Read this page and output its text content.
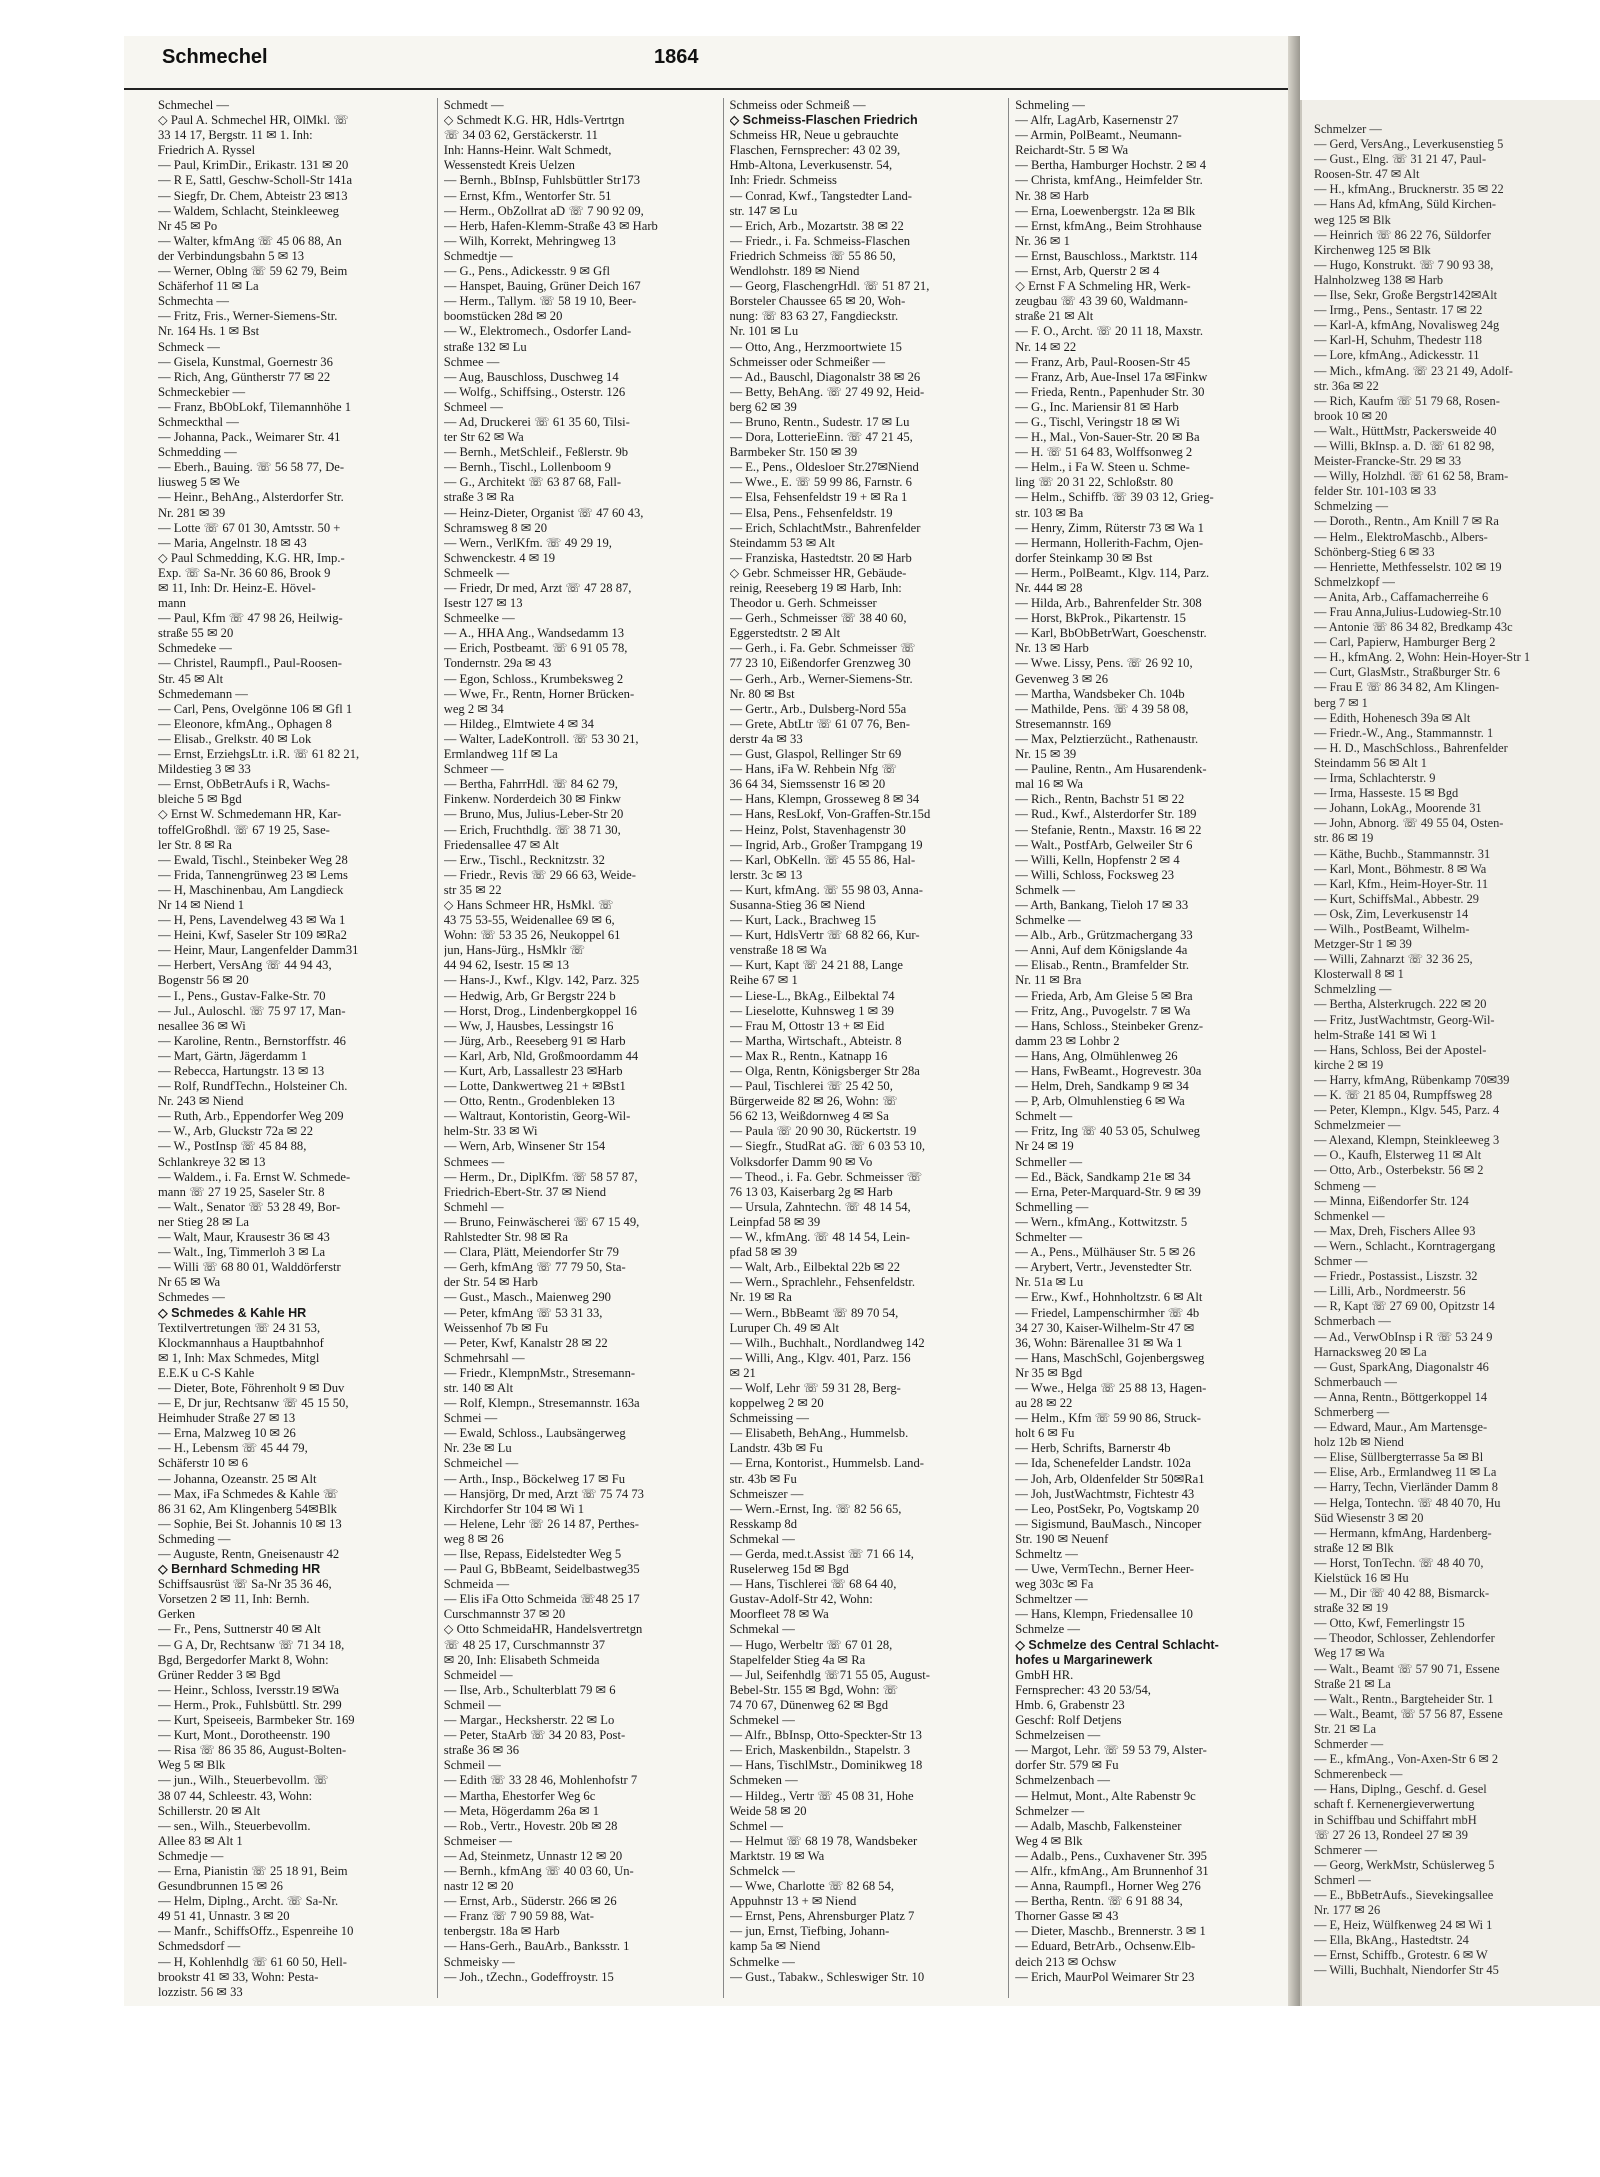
Schmechel	1864
Schmechel —
◇ Paul A. Schmechel HR, OlMkl. ☏
33 14 17, Bergstr. 11 ✉ 1. Inh:
Friedrich A. Ryssel
— Paul, KrimDir., Erikastr. 131 ✉ 20
— R E, Sattl, Geschw-Scholl-Str 141a
— Siegfr, Dr. Chem, Abteistr 23 ✉13
— Waldem, Schlacht, Steinkleeweg
Nr 45 ✉ Po
— Walter, kfmAng ☏ 45 06 88, An
der Verbindungsbahn 5 ✉ 13
— Werner, Oblng ☏ 59 62 79, Beim
Schäferhof 11 ✉ La
Schmechta —
— Fritz, Fris., Werner-Siemens-Str.
Nr. 164 Hs. 1 ✉ Bst
Schmeck —
— Gisela, Kunstmal, Goernestr 36
— Rich, Ang, Güntherstr 77 ✉ 22
Schmeckebier —
— Franz, BbObLokf, Tilemannhöhe 1
Schmeckthal —
— Johanna, Pack., Weimarer Str. 41
Schmedding —
— Eberh., Bauing. ☏ 56 58 77, De-
liusweg 5 ✉ We
— Heinr., BehAng., Alsterdorfer Str.
Nr. 281 ✉ 39
— Lotte ☏ 67 01 30, Amtsstr. 50 +
— Maria, Angelnstr. 18 ✉ 43
◇ Paul Schmedding, K.G. HR, Imp.-
Exp. ☏ Sa-Nr. 36 60 86, Brook 9
✉ 11, Inh: Dr. Heinz-E. Hövel-
mann
— Paul, Kfm ☏ 47 98 26, Heilwig-
straße 55 ✉ 20
Schmedeke —
— Christel, Raumpfl., Paul-Roosen-
Str. 45 ✉ Alt
Schmedemann —
— Carl, Pens, Ovelgönne 106 ✉ Gfl 1
— Eleonore, kfmAng., Ophagen 8
— Elisab., Grelkstr. 40 ✉ Lok
— Ernst, ErziehgsLtr. i.R. ☏ 61 82 21,
Mildestieg 3 ✉ 33
— Ernst, ObBetrAufs i R, Wachs-
bleiche 5 ✉ Bgd
◇ Ernst W. Schmedemann HR, Kar-
toffelGroßhdl. ☏ 67 19 25, Sase-
ler Str. 8 ✉ Ra
— Ewald, Tischl., Steinbeker Weg 28
— Frida, Tannengrünweg 23 ✉ Lems
— H, Maschinenbau, Am Langdieck
Nr 14 ✉ Niend 1
— H, Pens, Lavendelweg 43 ✉ Wa 1
— Heini, Kwf, Saseler Str 109 ✉Ra2
— Heinr, Maur, Langenfelder Damm31
— Herbert, VersAng ☏ 44 94 43,
Bogenstr 56 ✉ 20
— I., Pens., Gustav-Falke-Str. 70
— Jul., Auloschl. ☏ 75 97 17, Man-
nesallee 36 ✉ Wi
— Karoline, Rentn., Bernstorffstr. 46
— Mart, Gärtn, Jägerdamm 1
— Rebecca, Hartungstr. 13 ✉ 13
— Rolf, RundfTechn., Holsteiner Ch.
Nr. 243 ✉ Niend
— Ruth, Arb., Eppendorfer Weg 209
— W., Arb, Gluckstr 72a ✉ 22
— W., PostInsp ☏ 45 84 88,
Schlankreye 32 ✉ 13
— Waldem., i. Fa. Ernst W. Schmede-
mann ☏ 27 19 25, Saseler Str. 8
— Walt., Senator ☏ 53 28 49, Bor-
ner Stieg 28 ✉ La
— Walt, Maur, Krausestr 36 ✉ 43
— Walt., Ing, Timmerloh 3 ✉ La
— Willi ☏ 68 80 01, Walddörferstr
Nr 65 ✉ Wa
Schmedes —
◇ Schmedes & Kahle HR
Textilvertretungen ☏ 24 31 53,
Klockmannhaus a Hauptbahnhof
✉ 1, Inh: Max Schmedes, Mitgl
E.E.K u C-S Kahle
— Dieter, Bote, Föhrenholt 9 ✉ Duv
— E, Dr jur, Rechtsanw ☏ 45 15 50,
Heimhuder Straße 27 ✉ 13
— Erna, Malzweg 10 ✉ 26
— H., Lebensm ☏ 45 44 79,
Schäferstr 10 ✉ 6
— Johanna, Ozeanstr. 25 ✉ Alt
— Max, iFa Schmedes & Kahle ☏
86 31 62, Am Klingenberg 54✉Blk
— Sophie, Bei St. Johannis 10 ✉ 13
Schmeding —
— Auguste, Rentn, Gneisenaustr 42
◇ Bernhard Schmeding HR
Schiffsausrüst ☏ Sa-Nr 35 36 46,
Vorsetzen 2 ✉ 11, Inh: Bernh.
Gerken
— Fr., Pens, Suttnerstr 40 ✉ Alt
— G A, Dr, Rechtsanw ☏ 71 34 18,
Bgd, Bergedorfer Markt 8, Wohn:
Grüner Redder 3 ✉ Bgd
— Heinr., Schloss, Iversstr.19 ✉Wa
— Herm., Prok., Fuhlsbüttl. Str. 299
— Kurt, Speiseeis, Barmbeker Str. 169
— Kurt, Mont., Dorotheenstr. 190
— Risa ☏ 86 35 86, August-Bolten-
Weg 5 ✉ Blk
— jun., Wilh., Steuerbevollm. ☏
38 07 44, Schleestr. 43, Wohn:
Schillerstr. 20 ✉ Alt
— sen., Wilh., Steuerbevollm.
Allee 83 ✉ Alt 1
Schmedje —
— Erna, Pianistin ☏ 25 18 91, Beim
Gesundbrunnen 15 ✉ 26
— Helm, Diplng., Archt. ☏ Sa-Nr.
49 51 41, Unnastr. 3 ✉ 20
— Manfr., SchiffsOffz., Espenreihe 10
Schmedsdorf —
— H, Kohlenhdlg ☏ 61 60 50, Hell-
brookstr 41 ✉ 33, Wohn: Pesta-
lozzistr. 56 ✉ 33
Schmedt —
◇ Schmedt K.G. HR, Hdls-Vertrtgn
☏ 34 03 62, Gerstäckerstr. 11
Inh: Hanns-Heinr. Walt Schmedt,
Wessenstedt Kreis Uelzen
— Bernh., BbInsp, Fuhlsbüttler Str173
— Ernst, Kfm., Wentorfer Str. 51
— Herm., ObZollrat aD ☏ 7 90 92 09,
— Herb, Hafen-Klemm-Straße 43 ✉ Harb
— Wilh, Korrekt, Mehringweg 13
Schmedtje —
— G., Pens., Adickesstr. 9 ✉ Gfl
— Hanspet, Bauing, Grüner Deich 167
— Herm., Tallym. ☏ 58 19 10, Beer-
boomstücken 28d ✉ 20
— W., Elektromech., Osdorfer Land-
straße 132 ✉ Lu
Schmee —
— Aug, Bauschloss, Duschweg 14
— Wolfg., Schiffsing., Osterstr. 126
Schmeel —
— Ad, Druckerei ☏ 61 35 60, Tilsi-
ter Str 62 ✉ Wa
— Bernh., MetSchleif., Feßlerstr. 9b
— Bernh., Tischl., Lollenboom 9
— G., Architekt ☏ 63 87 68, Fall-
straße 3 ✉ Ra
— Heinz-Dieter, Organist ☏ 47 60 43,
Schramsweg 8 ✉ 20
— Wern., VerlKfm. ☏ 49 29 19,
Schwenckestr. 4 ✉ 19
Schmeelk —
— Friedr, Dr med, Arzt ☏ 47 28 87,
Isestr 127 ✉ 13
Schmeelke —
— A., HHA Ang., Wandsedamm 13
— Erich, Postbeamt. ☏ 6 91 05 78,
Tondernstr. 29a ✉ 43
— Egon, Schloss., Krumbeksweg 2
— Wwe, Fr., Rentn, Horner Brücken-
weg 2 ✉ 34
— Hildeg., Elmtwiete 4 ✉ 34
— Walter, LadeKontroll. ☏ 53 30 21,
Ermlandweg 11f ✉ La
Schmeer —
— Bertha, FahrrHdl. ☏ 84 62 79,
Finkenw. Norderdeich 30 ✉ Finkw
— Bruno, Mus, Julius-Leber-Str 20
— Erich, Fruchthdlg. ☏ 38 71 30,
Friedensallee 47 ✉ Alt
— Erw., Tischl., Recknitzstr. 32
— Friedr., Revis ☏ 29 66 63, Weide-
str 35 ✉ 22
◇ Hans Schmeer HR, HsMkl. ☏
43 75 53-55, Weidenallee 69 ✉ 6,
Wohn: ☏ 53 35 26, Neukoppel 61
jun, Hans-Jürg., HsMklr ☏
44 94 62, Isestr. 15 ✉ 13
— Hans-J., Kwf., Klgv. 142, Parz. 325
— Hedwig, Arb, Gr Bergstr 224 b
— Horst, Drog., Lindenbergkoppel 16
— Ww, J, Hausbes, Lessingstr 16
— Jürg, Arb., Reeseberg 91 ✉ Harb
— Karl, Arb, Nld, Großmoordamm 44
— Kurt, Arb, Lassallestr 23 ✉Harb
— Lotte, Dankwertweg 21 + ✉Bst1
— Otto, Rentn., Grodenbleken 13
— Waltraut, Kontoristin, Georg-Wil-
helm-Str. 33 ✉ Wi
— Wern, Arb, Winsener Str 154
Schmees —
— Herm., Dr., DiplKfm. ☏ 58 57 87,
Friedrich-Ebert-Str. 37 ✉ Niend
Schmehl —
— Bruno, Feinwäscherei ☏ 67 15 49,
Rahlstedter Str. 98 ✉ Ra
— Clara, Plätt, Meiendorfer Str 79
— Gerh, kfmAng ☏ 77 79 50, Sta-
der Str. 54 ✉ Harb
— Gust., Masch., Maienweg 290
— Peter, kfmAng ☏ 53 31 33,
Weissenhof 7b ✉ Fu
— Peter, Kwf, Kanalstr 28 ✉ 22
Schmehrsahl —
— Friedr., KlempnMstr., Stresemann-
str. 140 ✉ Alt
— Rolf, Klempn., Stresemannstr. 163a
Schmei —
— Ewald, Schloss., Laubsängerweg
Nr. 23e ✉ Lu
Schmeichel —
— Arth., Insp., Böckelweg 17 ✉ Fu
— Hansjörg, Dr med, Arzt ☏ 75 74 73
Kirchdorfer Str 104 ✉ Wi 1
— Helene, Lehr ☏ 26 14 87, Perthes-
weg 8 ✉ 26
— Ilse, Repass, Eidelstedter Weg 5
— Paul G, BbBeamt, Seidelbastweg35
Schmeida —
— Elis iFa Otto Schmeida ☏48 25 17
Curschmannstr 37 ✉ 20
◇ Otto SchmeidaHR, Handelsvertretgn
☏ 48 25 17, Curschmannstr 37
✉ 20, Inh: Elisabeth Schmeida
Schmeidel —
— Ilse, Arb., Schulterblatt 79 ✉ 6
Schmeil —
— Margar., Hecksherstr. 22 ✉ Lo
— Peter, StaArb ☏ 34 20 83, Post-
straße 36 ✉ 36
Schmeil —
— Edith ☏ 33 28 46, Mohlenhofstr 7
— Martha, Ehestorfer Weg 6c
— Meta, Högerdamm 26a ✉ 1
— Rob., Vertr., Hovestr. 20b ✉ 28
Schmeiser —
— Ad, Steinmetz, Unnastr 12 ✉ 20
— Bernh., kfmAng ☏ 40 03 60, Un-
nastr 12 ✉ 20
— Ernst, Arb., Süderstr. 266 ✉ 26
— Franz ☏ 7 90 59 88, Wat-
tenbergstr. 18a ✉ Harb
— Hans-Gerh., BauArb., Banksstr. 1
Schmeisky —
— Joh., tZechn., Godeffroystr. 15
Schmeiss oder Schmeiß —
◇ Schmeiss-Flaschen Friedrich
Schmeiss HR, Neue u gebrauchte
Flaschen, Fernsprecher: 43 02 39,
Hmb-Altona, Leverkusenstr. 54,
Inh: Friedr. Schmeiss
— Conrad, Kwf., Tangstedter Land-
str. 147 ✉ Lu
— Erich, Arb., Mozartstr. 38 ✉ 22
— Friedr., i. Fa. Schmeiss-Flaschen
Friedrich Schmeiss ☏ 55 86 50,
Wendlohstr. 189 ✉ Niend
— Georg, FlaschengrHdl. ☏ 51 87 21,
Borsteler Chaussee 65 ✉ 20, Woh-
nung: ☏ 83 63 27, Fangdieckstr.
Nr. 101 ✉ Lu
— Otto, Ang., Herzmoortwiete 15
Schmeisser oder Schmeißer —
— Ad., Bauschl, Diagonalstr 38 ✉ 26
— Betty, BehAng. ☏ 27 49 92, Heid-
berg 62 ✉ 39
— Bruno, Rentn., Sudestr. 17 ✉ Lu
— Dora, LotterieEinn. ☏ 47 21 45,
Barmbeker Str. 150 ✉ 39
— E., Pens., Oldesloer Str.27✉Niend
— Wwe., E. ☏ 59 99 86, Farnstr. 6
— Elsa, Fehsenfeldstr 19 + ✉ Ra 1
— Elsa, Pens., Fehsenfeldstr. 19
— Erich, SchlachtMstr., Bahrenfelder
Steindamm 53 ✉ Alt
— Franziska, Hastedtstr. 20 ✉ Harb
◇ Gebr. Schmeisser HR, Gebäude-
reinig, Reeseberg 19 ✉ Harb, Inh:
Theodor u. Gerh. Schmeisser
— Gerh., Schmeisser ☏ 38 40 60,
Eggerstedtstr. 2 ✉ Alt
— Gerh., i. Fa. Gebr. Schmeisser ☏
77 23 10, Eißendorfer Grenzweg 30
— Gerh., Arb., Werner-Siemens-Str.
Nr. 80 ✉ Bst
— Gertr., Arb., Dulsberg-Nord 55a
— Grete, AbtLtr ☏ 61 07 76, Ben-
derstr 4a ✉ 33
— Gust, Glaspol, Rellinger Str 69
— Hans, iFa W. Rehbein Nfg ☏
36 64 34, Siemssenstr 16 ✉ 20
— Hans, Klempn, Grosseweg 8 ✉ 34
— Hans, ResLokf, Von-Graffen-Str.15d
— Heinz, Polst, Stavenhagenstr 30
— Ingrid, Arb., Großer Trampgang 19
— Karl, ObKelln. ☏ 45 55 86, Hal-
lerstr. 3c ✉ 13
— Kurt, kfmAng. ☏ 55 98 03, Anna-
Susanna-Stieg 36 ✉ Niend
— Kurt, Lack., Brachweg 15
— Kurt, HdlsVertr ☏ 68 82 66, Kur-
venstraße 18 ✉ Wa
— Kurt, Kapt ☏ 24 21 88, Lange
Reihe 67 ✉ 1
— Liese-L., BkAg., Eilbektal 74
— Lieselotte, Kuhnsweg 1 ✉ 39
— Frau M, Ottostr 13 + ✉ Eid
— Martha, Wirtschaft., Abteistr. 8
— Max R., Rentn., Katnapp 16
— Olga, Rentn, Königsberger Str 28a
— Paul, Tischlerei ☏ 25 42 50,
Bürgerweide 82 ✉ 26, Wohn: ☏
56 62 13, Weißdornweg 4 ✉ Sa
— Paula ☏ 20 90 30, Rückertstr. 19
— Siegfr., StudRat aG. ☏ 6 03 53 10,
Volksdorfer Damm 90 ✉ Vo
— Theod., i. Fa. Gebr. Schmeisser ☏
76 13 03, Kaiserbarg 2g ✉ Harb
— Ursula, Zahntechn. ☏ 48 14 54,
Leinpfad 58 ✉ 39
— W., kfmAng. ☏ 48 14 54, Lein-
pfad 58 ✉ 39
— Walt, Arb., Eilbektal 22b ✉ 22
— Wern., Sprachlehr., Fehsenfeldstr.
Nr. 19 ✉ Ra
— Wern., BbBeamt ☏ 89 70 54,
Luruper Ch. 49 ✉ Alt
— Wilh., Buchhalt., Nordlandweg 142
— Willi, Ang., Klgv. 401, Parz. 156
✉ 21
— Wolf, Lehr ☏ 59 31 28, Berg-
koppelweg 2 ✉ 20
Schmeissing —
— Elisabeth, BehAng., Hummelsb.
Landstr. 43b ✉ Fu
— Erna, Kontorist., Hummelsb. Land-
str. 43b ✉ Fu
Schmeiszer —
— Wern.-Ernst, Ing. ☏ 82 56 65,
Resskamp 8d
Schmekal —
— Gerda, med.t.Assist ☏ 71 66 14,
Ruselerweg 15d ✉ Bgd
— Hans, Tischlerei ☏ 68 64 40,
Gustav-Adolf-Str 42, Wohn:
Moorfleet 78 ✉ Wa
Schmekal —
— Hugo, Werbeltr ☏ 67 01 28,
Stapelfelder Stieg 4a ✉ Ra
— Jul, Seifenhdlg ☏71 55 05, August-
Bebel-Str. 155 ✉ Bgd, Wohn: ☏
74 70 67, Dünenweg 62 ✉ Bgd
Schmekel —
— Alfr., BbInsp, Otto-Speckter-Str 13
— Erich, Maskenbildn., Stapelstr. 3
— Hans, TischlMstr., Dominikweg 18
Schmeken —
— Hildeg., Vertr ☏ 45 08 31, Hohe
Weide 58 ✉ 20
Schmel —
— Helmut ☏ 68 19 78, Wandsbeker
Marktstr. 19 ✉ Wa
Schmelck —
— Wwe, Charlotte ☏ 82 68 54,
Appuhnstr 13 + ✉ Niend
— Ernst, Pens, Ahrensburger Platz 7
— jun, Ernst, Tiefbing, Johann-
kamp 5a ✉ Niend
Schmelke —
— Gust., Tabakw., Schleswiger Str. 10
Schmeling —
— Alfr, LagArb, Kasernenstr 27
— Armin, PolBeamt., Neumann-
Reichardt-Str. 5 ✉ Wa
— Bertha, Hamburger Hochstr. 2 ✉ 4
— Christa, kmfAng., Heimfelder Str.
Nr. 38 ✉ Harb
— Erna, Loewenbergstr. 12a ✉ Blk
— Ernst, kfmAng., Beim Strohhause
Nr. 36 ✉ 1
— Ernst, Bauschloss., Marktstr. 114
— Ernst, Arb, Querstr 2 ✉ 4
◇ Ernst F A Schmeling HR, Werk-
zeugbau ☏ 43 39 60, Waldmann-
straße 21 ✉ Alt
— F. O., Archt. ☏ 20 11 18, Maxstr.
Nr. 14 ✉ 22
— Franz, Arb, Paul-Roosen-Str 45
— Franz, Arb, Aue-Insel 17a ✉Finkw
— Frieda, Rentn., Papenhuder Str. 30
— G., Inc. Mariensir 81 ✉ Harb
— G., Tischl, Veringstr 18 ✉ Wi
— H., Mal., Von-Sauer-Str. 20 ✉ Ba
— H. ☏ 51 64 83, Wolffsonweg 2
— Helm., i Fa W. Steen u. Schme-
ling ☏ 20 31 22, Schloßstr. 80
— Helm., Schiffb. ☏ 39 03 12, Grieg-
str. 103 ✉ Ba
— Henry, Zimm, Rüterstr 73 ✉ Wa 1
— Hermann, Hollerith-Fachm, Ojen-
dorfer Steinkamp 30 ✉ Bst
— Herm., PolBeamt., Klgv. 114, Parz.
Nr. 444 ✉ 28
— Hilda, Arb., Bahrenfelder Str. 308
— Horst, BkProk., Pikartenstr. 15
— Karl, BbObBetrWart, Goeschenstr.
Nr. 13 ✉ Harb
— Wwe. Lissy, Pens. ☏ 26 92 10,
Gevenweg 3 ✉ 26
— Martha, Wandsbeker Ch. 104b
— Mathilde, Pens. ☏ 4 39 58 08,
Stresemannstr. 169
— Max, Pelztierzücht., Rathenaustr.
Nr. 15 ✉ 39
— Pauline, Rentn., Am Husarendenk-
mal 16 ✉ Wa
— Rich., Rentn, Bachstr 51 ✉ 22
— Rud., Kwf., Alsterdorfer Str. 189
— Stefanie, Rentn., Maxstr. 16 ✉ 22
— Walt., PostfArb, Gelweiler Str 6
— Willi, Kelln, Hopfenstr 2 ✉ 4
— Willi, Schloss, Focksweg 23
Schmelk —
— Arth, Bankang, Tieloh 17 ✉ 33
Schmelke —
— Alb., Arb., Grützmachergang 33
— Anni, Auf dem Königslande 4a
— Elisab., Rentn., Bramfelder Str.
Nr. 11 ✉ Bra
— Frieda, Arb, Am Gleise 5 ✉ Bra
— Fritz, Ang., Puvogelstr. 7 ✉ Wa
— Hans, Schloss., Steinbeker Grenz-
damm 23 ✉ Lohbr 2
— Hans, Ang, Olmühlenweg 26
— Hans, FwBeamt., Hogrevestr. 30a
— Helm, Dreh, Sandkamp 9 ✉ 34
— P, Arb, Olmuhlenstieg 6 ✉ Wa
Schmelt —
— Fritz, Ing ☏ 40 53 05, Schulweg
Nr 24 ✉ 19
Schmeller —
— Ed., Bäck, Sandkamp 21e ✉ 34
— Erna, Peter-Marquard-Str. 9 ✉ 39
Schmelling —
— Wern., kfmAng., Kottwitzstr. 5
Schmelter —
— A., Pens., Mülhäuser Str. 5 ✉ 26
— Arybert, Vertr., Jevenstedter Str.
Nr. 51a ✉ Lu
— Erw., Kwf., Hohnholtzstr. 6 ✉ Alt
— Friedel, Lampenschirmher ☏ 4b
34 27 30, Kaiser-Wilhelm-Str 47 ✉
36, Wohn: Bärenallee 31 ✉ Wa 1
— Hans, MaschSchl, Gojenbergsweg
Nr 35 ✉ Bgd
— Wwe., Helga ☏ 25 88 13, Hagen-
au 28 ✉ 22
— Helm., Kfm ☏ 59 90 86, Struck-
holt 6 ✉ Fu
— Herb, Schrifts, Barnerstr 4b
— Ida, Schenefelder Landstr. 102a
— Joh, Arb, Oldenfelder Str 50✉Ra1
— Joh, JustWachtmstr, Fichtestr 43
— Leo, PostSekr, Po, Vogtskamp 20
— Sigismund, BauMasch., Nincoper
Str. 190 ✉ Neuenf
Schmeltz —
— Uwe, VermTechn., Berner Heer-
weg 303c ✉ Fa
Schmeltzer —
— Hans, Klempn, Friedensallee 10
Schmelze —
◇ Schmelze des Central Schlacht-
hofes u Margarinewerk
GmbH HR.
Fernsprecher: 43 20 53/54,
Hmb. 6, Grabenstr 23
Geschf: Rolf Detjens
Schmelzeisen —
— Margot, Lehr. ☏ 59 53 79, Alster-
dorfer Str. 579 ✉ Fu
Schmelzenbach —
— Helmut, Mont., Alte Rabenstr 9c
Schmelzer —
— Adalb, Maschb, Falkensteiner
Weg 4 ✉ Blk
— Adalb., Pens., Cuxhavener Str. 395
— Alfr., kfmAng., Am Brunnenhof 31
— Anna, Raumpfl., Horner Weg 276
— Bertha, Rentn. ☏ 6 91 88 34,
Thorner Gasse ✉ 43
— Dieter, Maschb., Brennerstr. 3 ✉ 1
— Eduard, BetrArb., Ochsenw.Elb-
deich 213 ✉ Ochsw
— Erich, MaurPol Weimarer Str 23
Schmelzer —
— Gerd, VersAng., Leverkusenstieg 5
— Gust., Elng. ☏ 31 21 47, Paul-
Roosen-Str. 47 ✉ Alt
— H., kfmAng., Brucknerstr. 35 ✉ 22
— Hans Ad, kfmAng, Süld Kirchen-
weg 125 ✉ Blk
— Heinrich ☏ 86 22 76, Süldorfer
Kirchenweg 125 ✉ Blk
— Hugo, Konstrukt. ☏ 7 90 93 38,
Halnholzweg 138 ✉ Harb
— Ilse, Sekr, Große Bergstr142✉Alt
— Irmg., Pens., Sentastr. 17 ✉ 22
— Karl-A, kfmAng, Novalisweg 24g
— Karl-H, Schuhm, Thedestr 118
— Lore, kfmAng., Adickesstr. 11
— Mich., kfmAng. ☏ 23 21 49, Adolf-
str. 36a ✉ 22
— Rich, Kaufm ☏ 51 79 68, Rosen-
brook 10 ✉ 20
— Walt., HüttMstr, Packersweide 40
— Willi, BkInsp. a. D. ☏ 61 82 98,
Meister-Francke-Str. 29 ✉ 33
— Willy, Holzhdl. ☏ 61 62 58, Bram-
felder Str. 101-103 ✉ 33
Schmelzing —
— Doroth., Rentn., Am Knill 7 ✉ Ra
— Helm., ElektroMaschb., Albers-
Schönberg-Stieg 6 ✉ 33
— Henriette, Methfesselstr. 102 ✉ 19
Schmelzkopf —
— Anita, Arb., Caffamacherreihe 6
— Frau Anna,Julius-Ludowieg-Str.10
— Antonie ☏ 86 34 82, Bredkamp 43c
— Carl, Papierw, Hamburger Berg 2
— H., kfmAng. 2, Wohn: Hein-Hoyer-Str 1
— Curt, GlasMstr., Straßburger Str. 6
— Frau E ☏ 86 34 82, Am Klingen-
berg 7 ✉ 1
— Edith, Hohenesch 39a ✉ Alt
— Friedr.-W., Ang., Stammannstr. 1
— H. D., MaschSchloss., Bahrenfelder
Steindamm 56 ✉ Alt 1
— Irma, Schlachterstr. 9
— Irma, Hasseste. 15 ✉ Bgd
— Johann, LokAg., Moorende 31
— John, Abnorg. ☏ 49 55 04, Osten-
str. 86 ✉ 19
— Käthe, Buchb., Stammannstr. 31
— Karl, Mont., Böhmestr. 8 ✉ Wa
— Karl, Kfm., Heim-Hoyer-Str. 11
— Kurt, SchiffsMal., Abbestr. 29
— Osk, Zim, Leverkusenstr 14
— Wilh., PostBeamt, Wilhelm-
Metzger-Str 1 ✉ 39
— Willi, Zahnarzt ☏ 32 36 25,
Klosterwall 8 ✉ 1
Schmelzling —
— Bertha, Alsterkrugch. 222 ✉ 20
— Fritz, JustWachtmstr, Georg-Wil-
helm-Straße 141 ✉ Wi 1
— Hans, Schloss, Bei der Apostel-
kirche 2 ✉ 19
— Harry, kfmAng, Rübenkamp 70✉39
— K. ☏ 21 85 04, Rumpffsweg 28
— Peter, Klempn., Klgv. 545, Parz. 4
Schmelzmeier —
— Alexand, Klempn, Steinkleeweg 3
— O., Kaufh, Elsterweg 11 ✉ Alt
— Otto, Arb., Osterbekstr. 56 ✉ 2
Schmeng —
— Minna, Eißendorfer Str. 124
Schmenkel —
— Max, Dreh, Fischers Allee 93
— Wern., Schlacht., Korntragergang
Schmer —
— Friedr., Postassist., Liszstr. 32
— Lilli, Arb., Nordmeerstr. 56
— R, Kapt ☏ 27 69 00, Opitzstr 14
Schmerbach —
— Ad., VerwObInsp i R ☏ 53 24 9
Harnacksweg 20 ✉ La
— Gust, SparkAng, Diagonalstr 46
Schmerbauch —
— Anna, Rentn., Böttgerkoppel 14
Schmerberg —
— Edward, Maur., Am Martensge-
holz 12b ✉ Niend
— Elise, Süllbergterrasse 5a ✉ Bl
— Elise, Arb., Ermlandweg 11 ✉ La
— Harry, Techn, Vierländer Damm 8
— Helga, Tontechn. ☏ 48 40 70, Hu
Süd Wiesenstr 3 ✉ 20
— Hermann, kfmAng, Hardenberg-
straße 12 ✉ Blk
— Horst, TonTechn. ☏ 48 40 70,
Kielstück 16 ✉ Hu
— M., Dir ☏ 40 42 88, Bismarck-
straße 32 ✉ 19
— Otto, Kwf, Femerlingstr 15
— Theodor, Schlosser, Zehlendorfer
Weg 17 ✉ Wa
— Walt., Beamt ☏ 57 90 71, Essene
Straße 21 ✉ La
— Walt., Rentn., Bargteheider Str. 1
— Walt., Beamt, ☏ 57 56 87, Essene
Str. 21 ✉ La
Schmerder —
— E., kfmAng., Von-Axen-Str 6 ✉ 2
Schmerenbeck —
— Hans, Diplng., Geschf. d. Gesel
schaft f. Kernenergieverwertung
in Schiffbau und Schiffahrt mbH
☏ 27 26 13, Rondeel 27 ✉ 39
Schmerer —
— Georg, WerkMstr, Schüslerweg 5
Schmerl —
— E., BbBetrAufs., Sievekingsallee
Nr. 177 ✉ 26
— E, Heiz, Wülfkenweg 24 ✉ Wi 1
— Ella, BkAng., Hastedtstr. 24
— Ernst, Schiffb., Grotestr. 6 ✉ W
— Willi, Buchhalt, Niendorfer Str 45
